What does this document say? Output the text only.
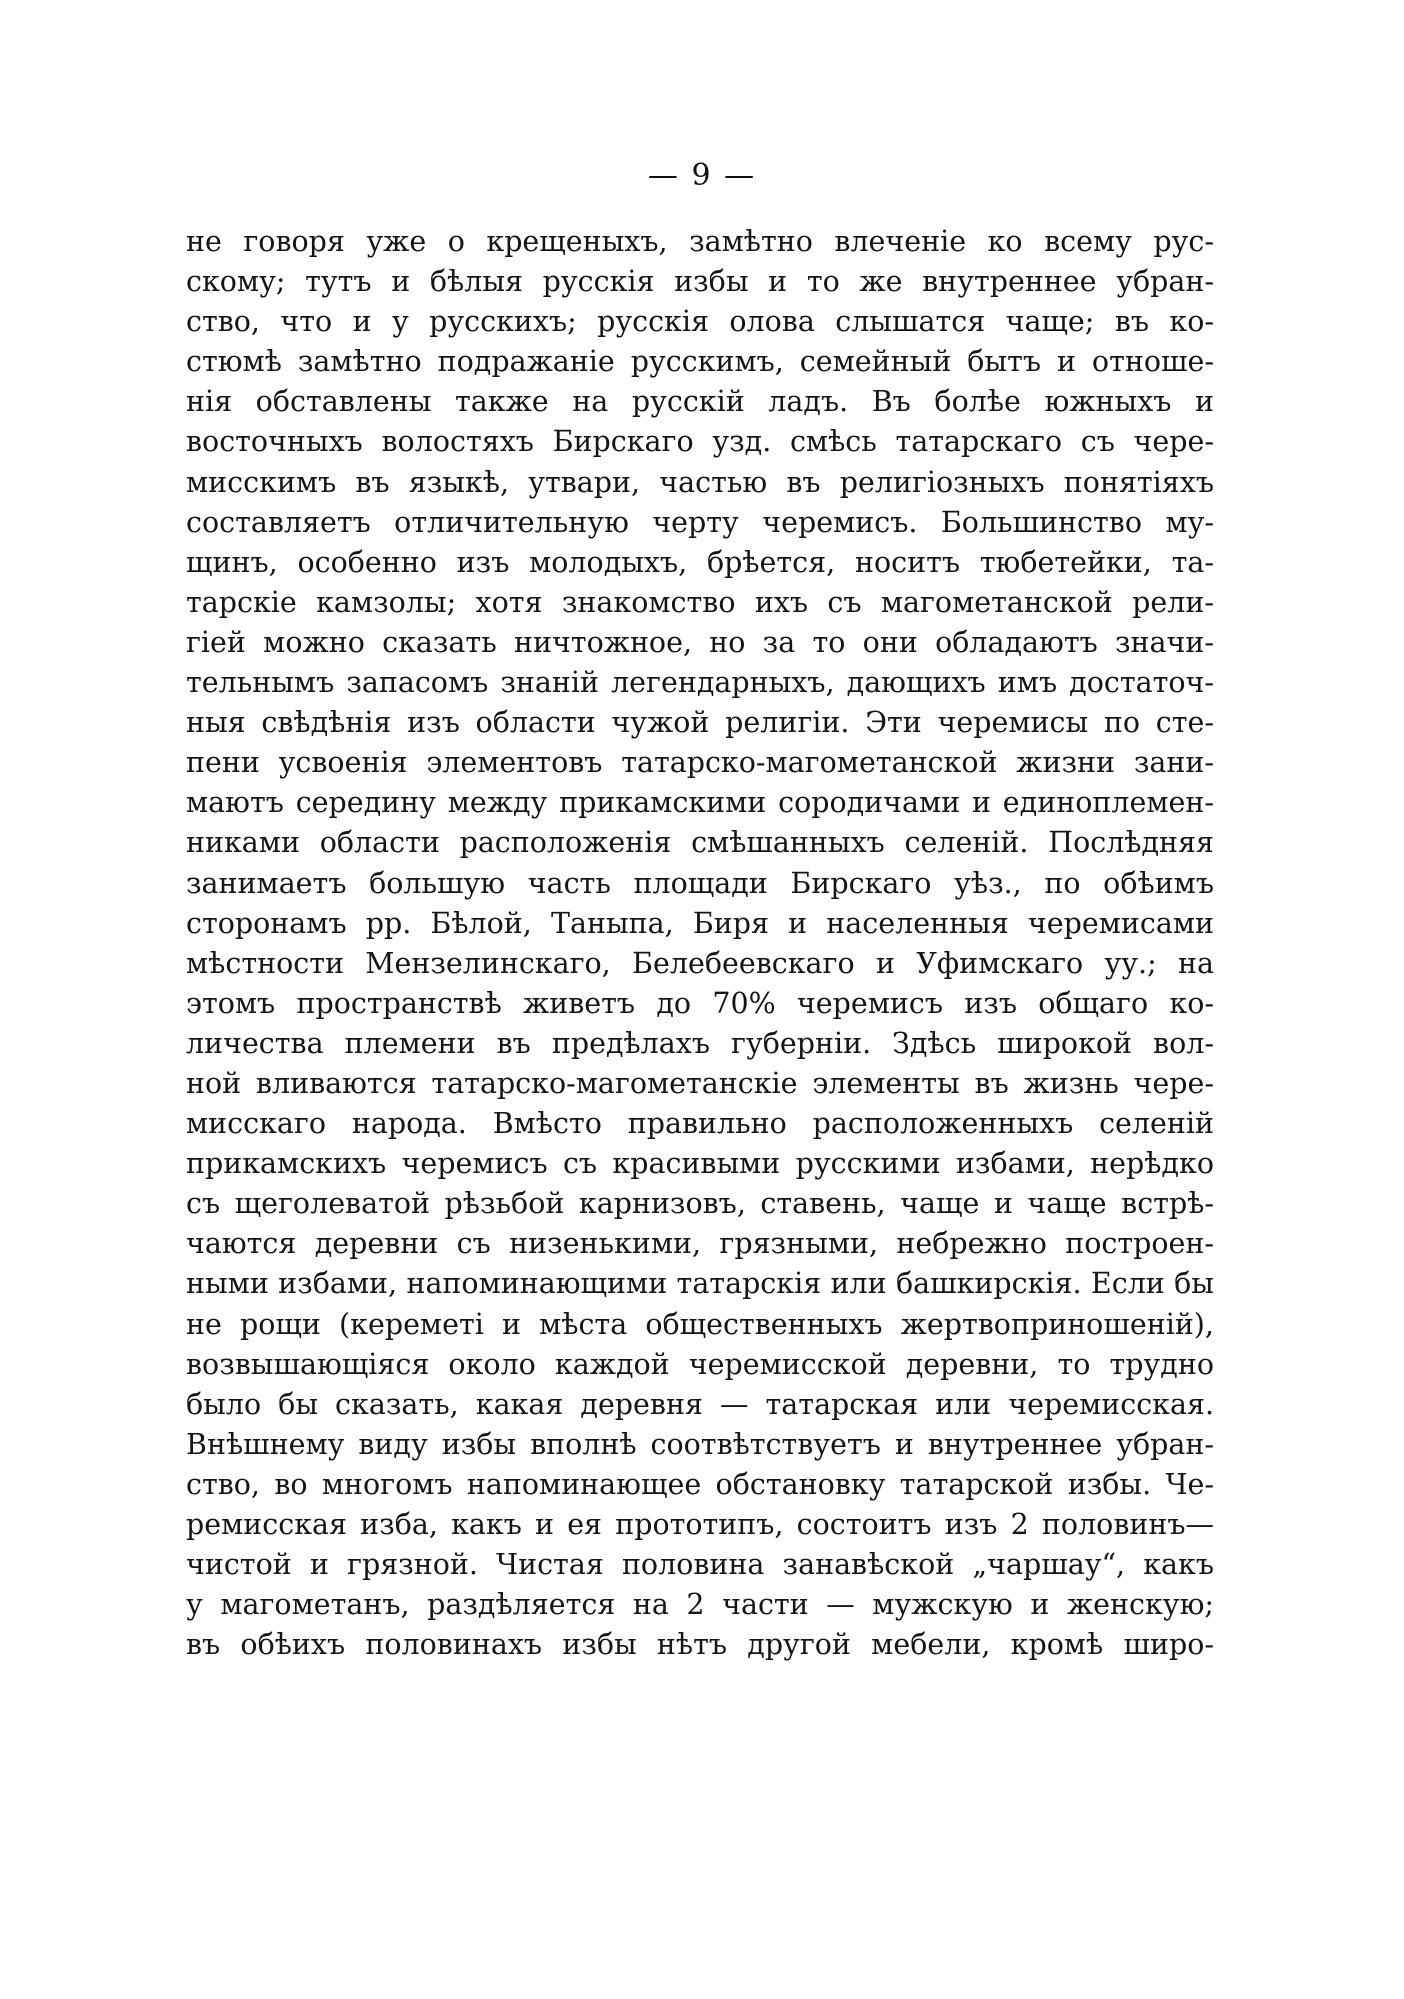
— 9 —
не говоря уже о крещеныхъ, замѣтно влеченіе ко всему рус-
скому; тутъ и бѣлыя русскія избы и то же внутреннее убран-
ство, что и у русскихъ; русскія олова слышатся чаще; въ ко-
стюмѣ замѣтно подражаніе русскимъ, семейный бытъ и отноше-
нія обставлены также на русскій ладъ. Въ болѣе южныхъ и
восточныхъ волостяхъ Бирскаго узд. смѣсь татарскаго съ чере-
мисскимъ въ языкѣ, утвари, частью въ религіозныхъ понятіяхъ
составляетъ отличительную черту черемисъ. Большинство му-
щинъ, особенно изъ молодыхъ, брѣется, носитъ тюбетейки, та-
тарскіе камзолы; хотя знакомство ихъ съ магометанской рели-
гіей можно сказать ничтожное, но за то они обладаютъ значи-
тельнымъ запасомъ знаній легендарныхъ, дающихъ имъ достаточ-
ныя свѣдѣнія изъ области чужой религіи. Эти черемисы по сте-
пени усвоенія элементовъ татарско-магометанской жизни зани-
маютъ середину между прикамскими сородичами и единоплемен-
никами области расположенія смѣшанныхъ селеній. Послѣдняя
занимаетъ большую часть площади Бирскаго уѣз., по обѣимъ
сторонамъ рр. Бѣлой, Таныпа, Биря и населенныя черемисами
мѣстности Мензелинскаго, Белебеевскаго и Уфимскаго уу.; на
этомъ пространствѣ живетъ до 70% черемисъ изъ общаго ко-
личества племени въ предѣлахъ губерніи. Здѣсь широкой вол-
ной вливаются татарско-магометанскіе элементы въ жизнь чере-
мисскаго народа. Вмѣсто правильно расположенныхъ селеній
прикамскихъ черемисъ съ красивыми русскими избами, нерѣдко
съ щеголеватой рѣзьбой карнизовъ, ставень, чаще и чаще встрѣ-
чаются деревни съ низенькими, грязными, небрежно построен-
ными избами, напоминающими татарскія или башкирскія. Если бы
не рощи (кереметі и мѣста общественныхъ жертвоприношеній),
возвышающіяся около каждой черемисской деревни, то трудно
было бы сказать, какая деревня — татарская или черемисская.
Внѣшнему виду избы вполнѣ соотвѣтствуетъ и внутреннее убран-
ство, во многомъ напоминающее обстановку татарской избы. Че-
ремисская изба, какъ и ея прототипъ, состоитъ изъ 2 половинъ—
чистой и грязной. Чистая половина занавѣской „чаршау“, какъ
у магометанъ, раздѣляется на 2 части — мужскую и женскую;
въ обѣихъ половинахъ избы нѣтъ другой мебели, кромѣ широ-
